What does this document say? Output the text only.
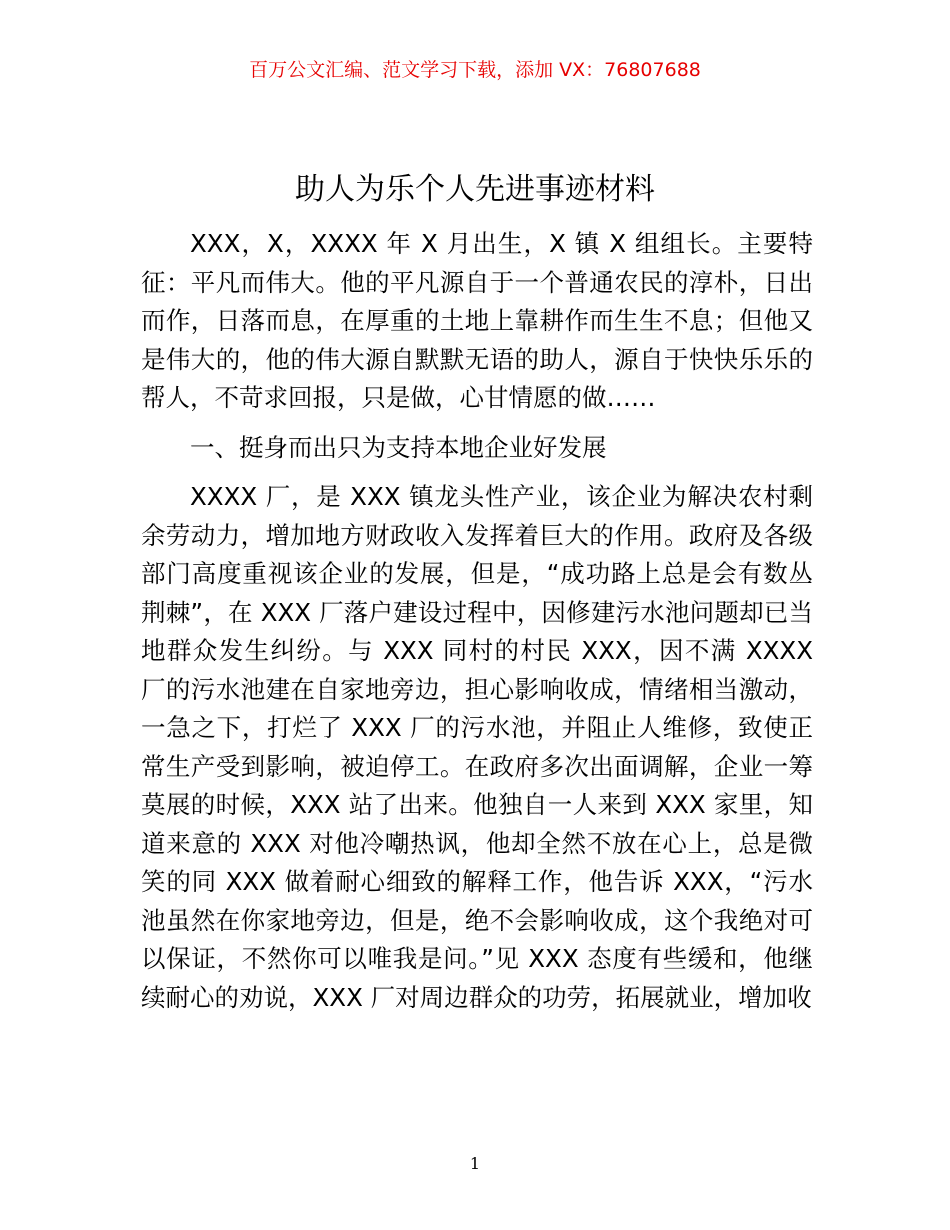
百万公文汇编、范文学习下载，添加 VX：76807688
助人为乐个人先进事迹材料

XXX，X，XXXX 年 X 月出生，X 镇 X 组组长。主要特征：平凡而伟大。他的平凡源自于一个普通农民的淳朴，日出而作，日落而息，在厚重的土地上靠耕作而生生不息；但他又是伟大的，他的伟大源自默默无语的助人，源自于快快乐乐的帮人，不苛求回报，只是做，心甘情愿的做……

一、挺身而出只为支持本地企业好发展

XXXX 厂，是 XXX 镇龙头性产业，该企业为解决农村剩余劳动力，增加地方财政收入发挥着巨大的作用。政府及各级部门高度重视该企业的发展，但是，“成功路上总是会有数丛荆棘”，在 XXX 厂落户建设过程中，因修建污水池问题却已当地群众发生纠纷。与 XXX 同村的村民 XXX，因不满 XXXX 厂的污水池建在自家地旁边，担心影响收成，情绪相当激动，一急之下，打烂了 XXX 厂的污水池，并阻止人维修，致使正常生产受到影响，被迫停工。在政府多次出面调解，企业一筹莫展的时候，XXX 站了出来。他独自一人来到 XXX 家里，知道来意的 XXX 对他冷嘲热讽，他却全然不放在心上，总是微笑的同 XXX 做着耐心细致的解释工作，他告诉 XXX，“污水池虽然在你家地旁边，但是，绝不会影响收成，这个我绝对可以保证，不然你可以唯我是问。”见 XXX 态度有些缓和，他继续耐心的劝说，XXX 厂对周边群众的功劳，拓展就业，增加收

1
